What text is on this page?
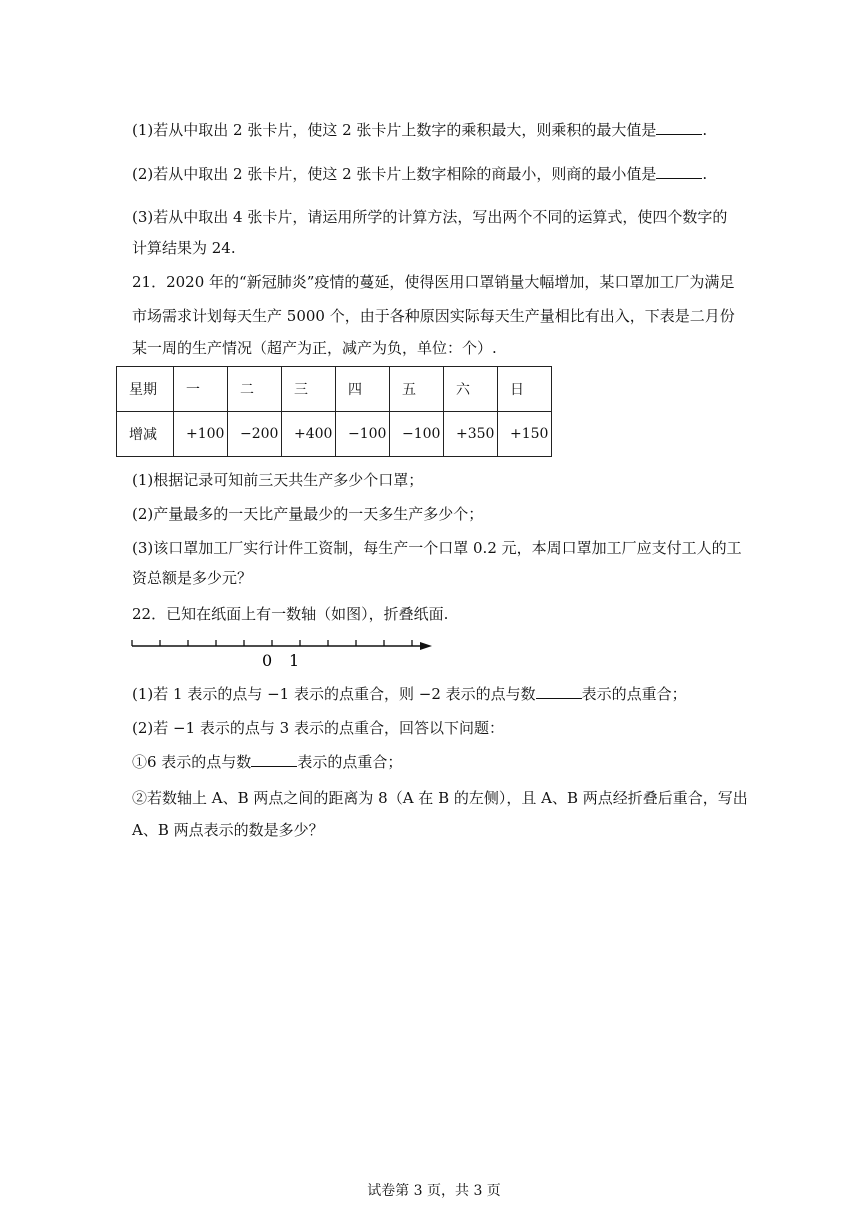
(1)若从中取出 2 张卡片，使这 2 张卡片上数字的乘积最大，则乘积的最大值是	.
(2)若从中取出 2 张卡片，使这 2 张卡片上数字相除的商最小，则商的最小值是	.
(3)若从中取出 4 张卡片，请运用所学的计算方法，写出两个不同的运算式，使四个数字的
计算结果为 24.
21．2020 年的“新冠肺炎”疫情的蔓延，使得医用口罩销量大幅增加，某口罩加工厂为满足
市场需求计划每天生产 5000 个，由于各种原因实际每天生产量相比有出入，下表是二月份
某一周的生产情况（超产为正，减产为负，单位：个）.
星期	一	二	三	四	五	六	日
增减	+100	−200	+400	−100	−100	+350	+150
(1)根据记录可知前三天共生产多少个口罩；
(2)产量最多的一天比产量最少的一天多生产多少个；
(3)该口罩加工厂实行计件工资制，每生产一个口罩 0.2 元，本周口罩加工厂应支付工人的工
资总额是多少元？
22．已知在纸面上有一数轴（如图），折叠纸面.
0 1
(1)若 1 表示的点与 −1 表示的点重合，则 −2 表示的点与数	表示的点重合；
(2)若 −1 表示的点与 3 表示的点重合，回答以下问题：
①6 表示的点与数	表示的点重合；
②若数轴上 A、B 两点之间的距离为 8（A 在 B 的左侧），且 A、B 两点经折叠后重合，写出
A、B 两点表示的数是多少？
试卷第 3 页，共 3 页
